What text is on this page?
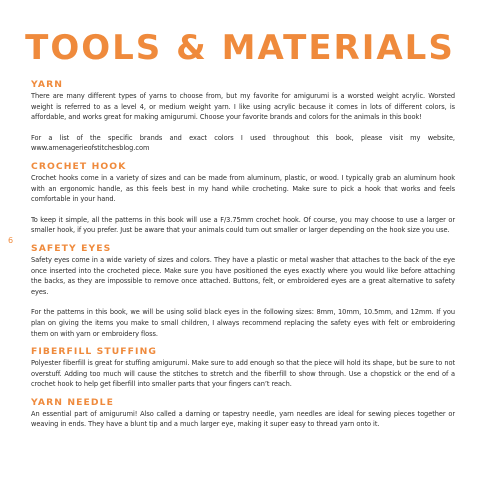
TOOLS & MATERIALS
6
YARN

There are many different types of yarns to choose from, but my favorite for amigurumi is a worsted weight acrylic. Worsted weight is referred to as a level 4, or medium weight yarn. I like using acrylic because it comes in lots of different colors, is affordable, and works great for making amigurumi. Choose your favorite brands and colors for the animals in this book!

For a list of the specific brands and exact colors I used throughout this book, please visit my website, www.amenagerieofstitchesblog.com

CROCHET HOOK

Crochet hooks come in a variety of sizes and can be made from aluminum, plastic, or wood. I typically grab an aluminum hook with an ergonomic handle, as this feels best in my hand while crocheting. Make sure to pick a hook that works and feels comfortable in your hand.

To keep it simple, all the patterns in this book will use a F/3.75mm crochet hook. Of course, you may choose to use a larger or smaller hook, if you prefer. Just be aware that your animals could turn out smaller or larger depending on the hook size you use.

SAFETY EYES

Safety eyes come in a wide variety of sizes and colors. They have a plastic or metal washer that attaches to the back of the eye once inserted into the crocheted piece. Make sure you have positioned the eyes exactly where you would like before attaching the backs, as they are impossible to remove once attached. Buttons, felt, or embroidered eyes are a great alternative to safety eyes.

For the patterns in this book, we will be using solid black eyes in the following sizes: 8mm, 10mm, 10.5mm, and 12mm. If you plan on giving the items you make to small children, I always recommend replacing the safety eyes with felt or embroidering them on with yarn or embroidery floss.

FIBERFILL STUFFING

Polyester fiberfill is great for stuffing amigurumi. Make sure to add enough so that the piece will hold its shape, but be sure to not overstuff. Adding too much will cause the stitches to stretch and the fiberfill to show through. Use a chopstick or the end of a crochet hook to help get fiberfill into smaller parts that your fingers can’t reach.

YARN NEEDLE

An essential part of amigurumi! Also called a darning or tapestry needle, yarn needles are ideal for sewing pieces together or weaving in ends. They have a blunt tip and a much larger eye, making it super easy to thread yarn onto it.
